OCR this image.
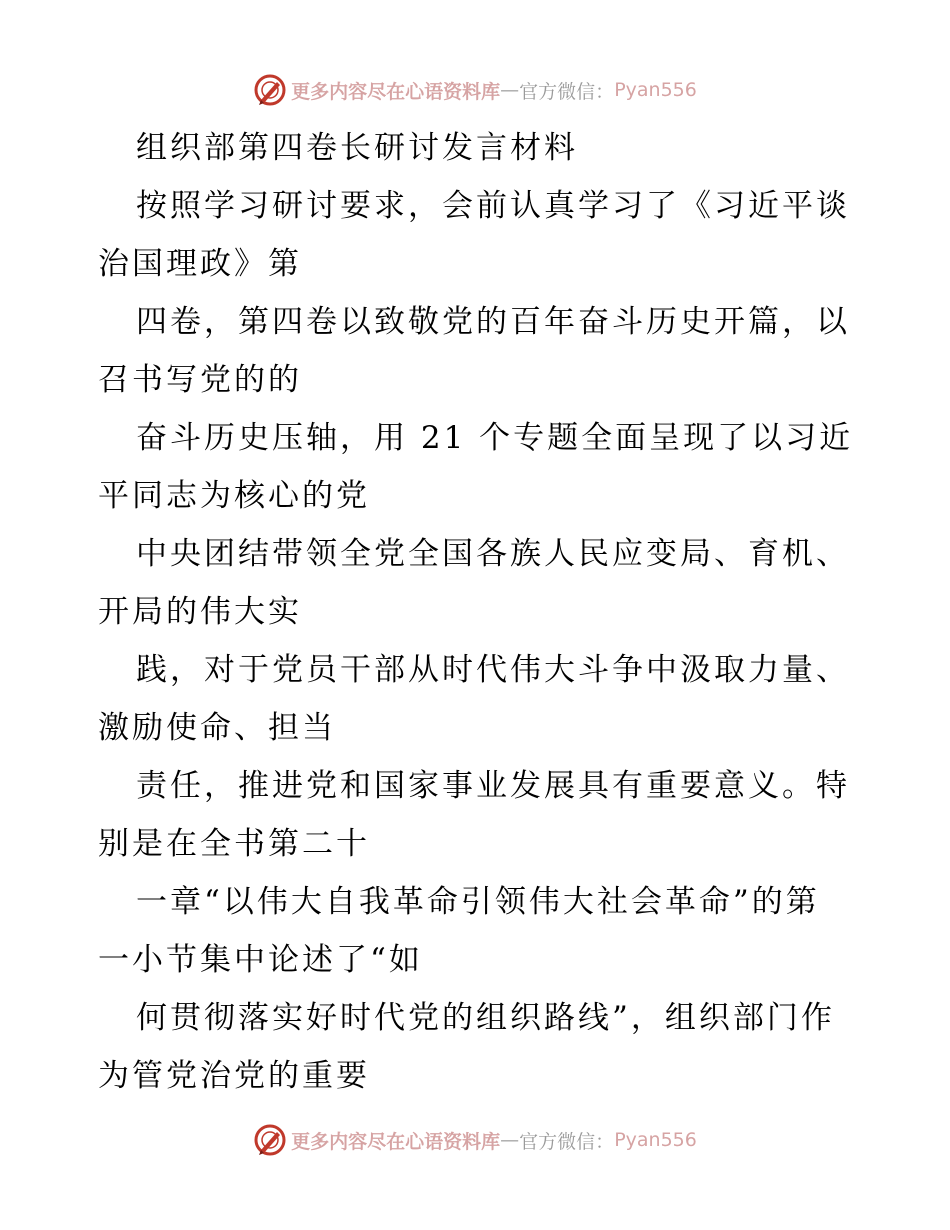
更多内容尽在心语资料库 — 官方微信： Pyan556
组织部第四卷长研讨发言材料
按照学习研讨要求，会前认真学习了《习近平谈
治国理政》第
四卷，第四卷以致敬党的百年奋斗历史开篇，以
召书写党的的
奋斗历史压轴，用 21 个专题全面呈现了以习近
平同志为核心的党
中央团结带领全党全国各族人民应变局、育机、
开局的伟大实
践，对于党员干部从时代伟大斗争中汲取力量、
激励使命、担当
责任，推进党和国家事业发展具有重要意义。特
别是在全书第二十
一章“以伟大自我革命引领伟大社会革命”的第
一小节集中论述了“如
何贯彻落实好时代党的组织路线”，组织部门作
为管党治党的重要
更多内容尽在心语资料库 — 官方微信： Pyan556
